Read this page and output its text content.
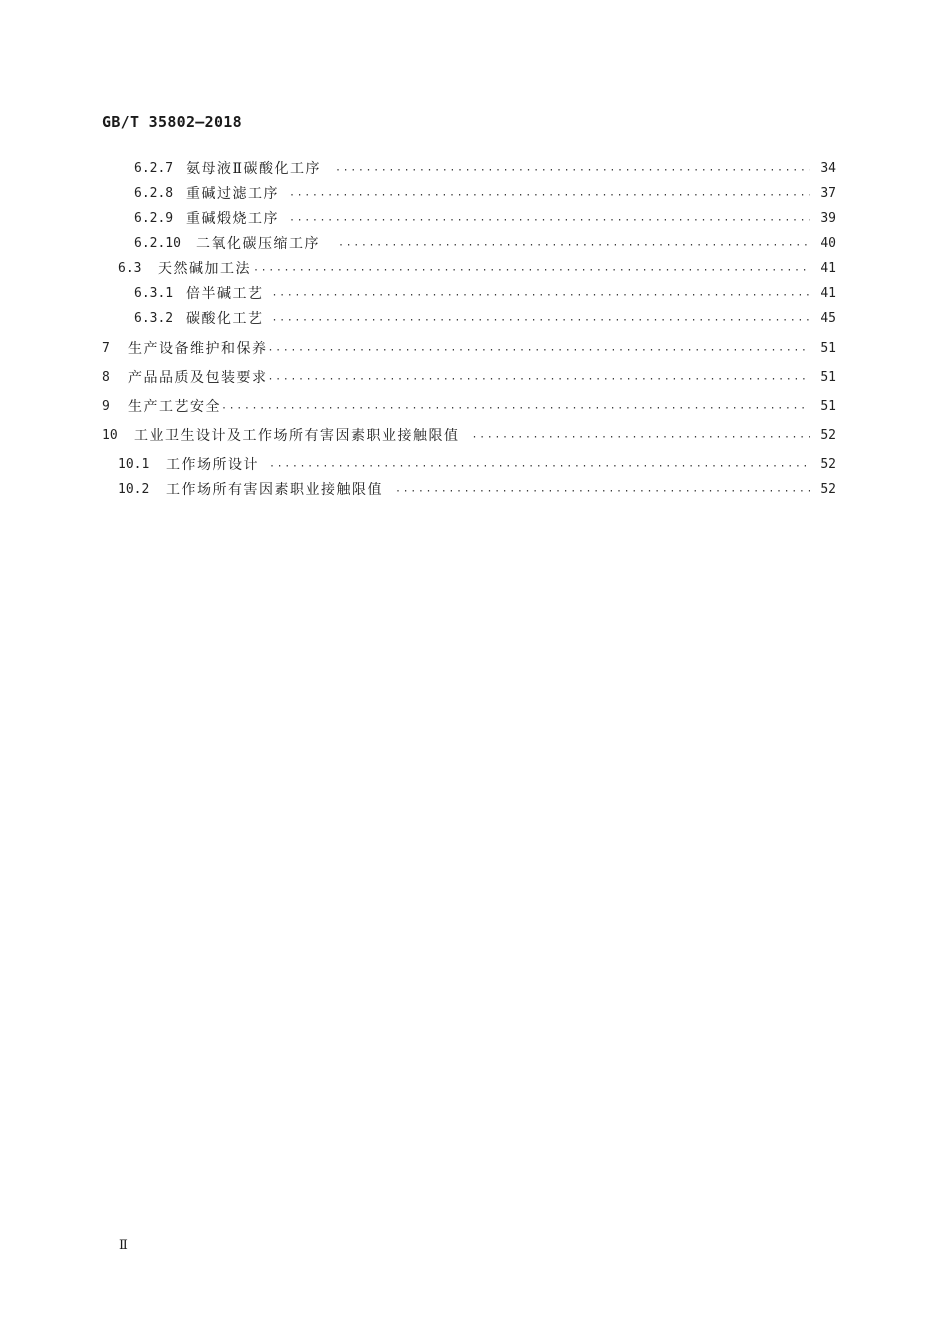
GB/T 35802—2018
6.2.7 氨母液Ⅱ碳酸化工序 ·····	34
6.2.8 重碱过滤工序 ·····	37
6.2.9 重碱煅烧工序 ·····	39
6.2.10	二氧化碳压缩工序 ·····	40
6.3	天然碱加工法 ·····	41
6.3.1 倍半碱工艺 ·····	41
6.3.2 碳酸化工艺 ·····	45
7	生产设备维护和保养 ·····	51
8	产品品质及包装要求 ·····	51
9	生产工艺安全 ·····	51
10	工业卫生设计及工作场所有害因素职业接触限值 ·····	52
10.1	工作场所设计 ·····	52
10.2	工作场所有害因素职业接触限值 ·····	52
Ⅱ
